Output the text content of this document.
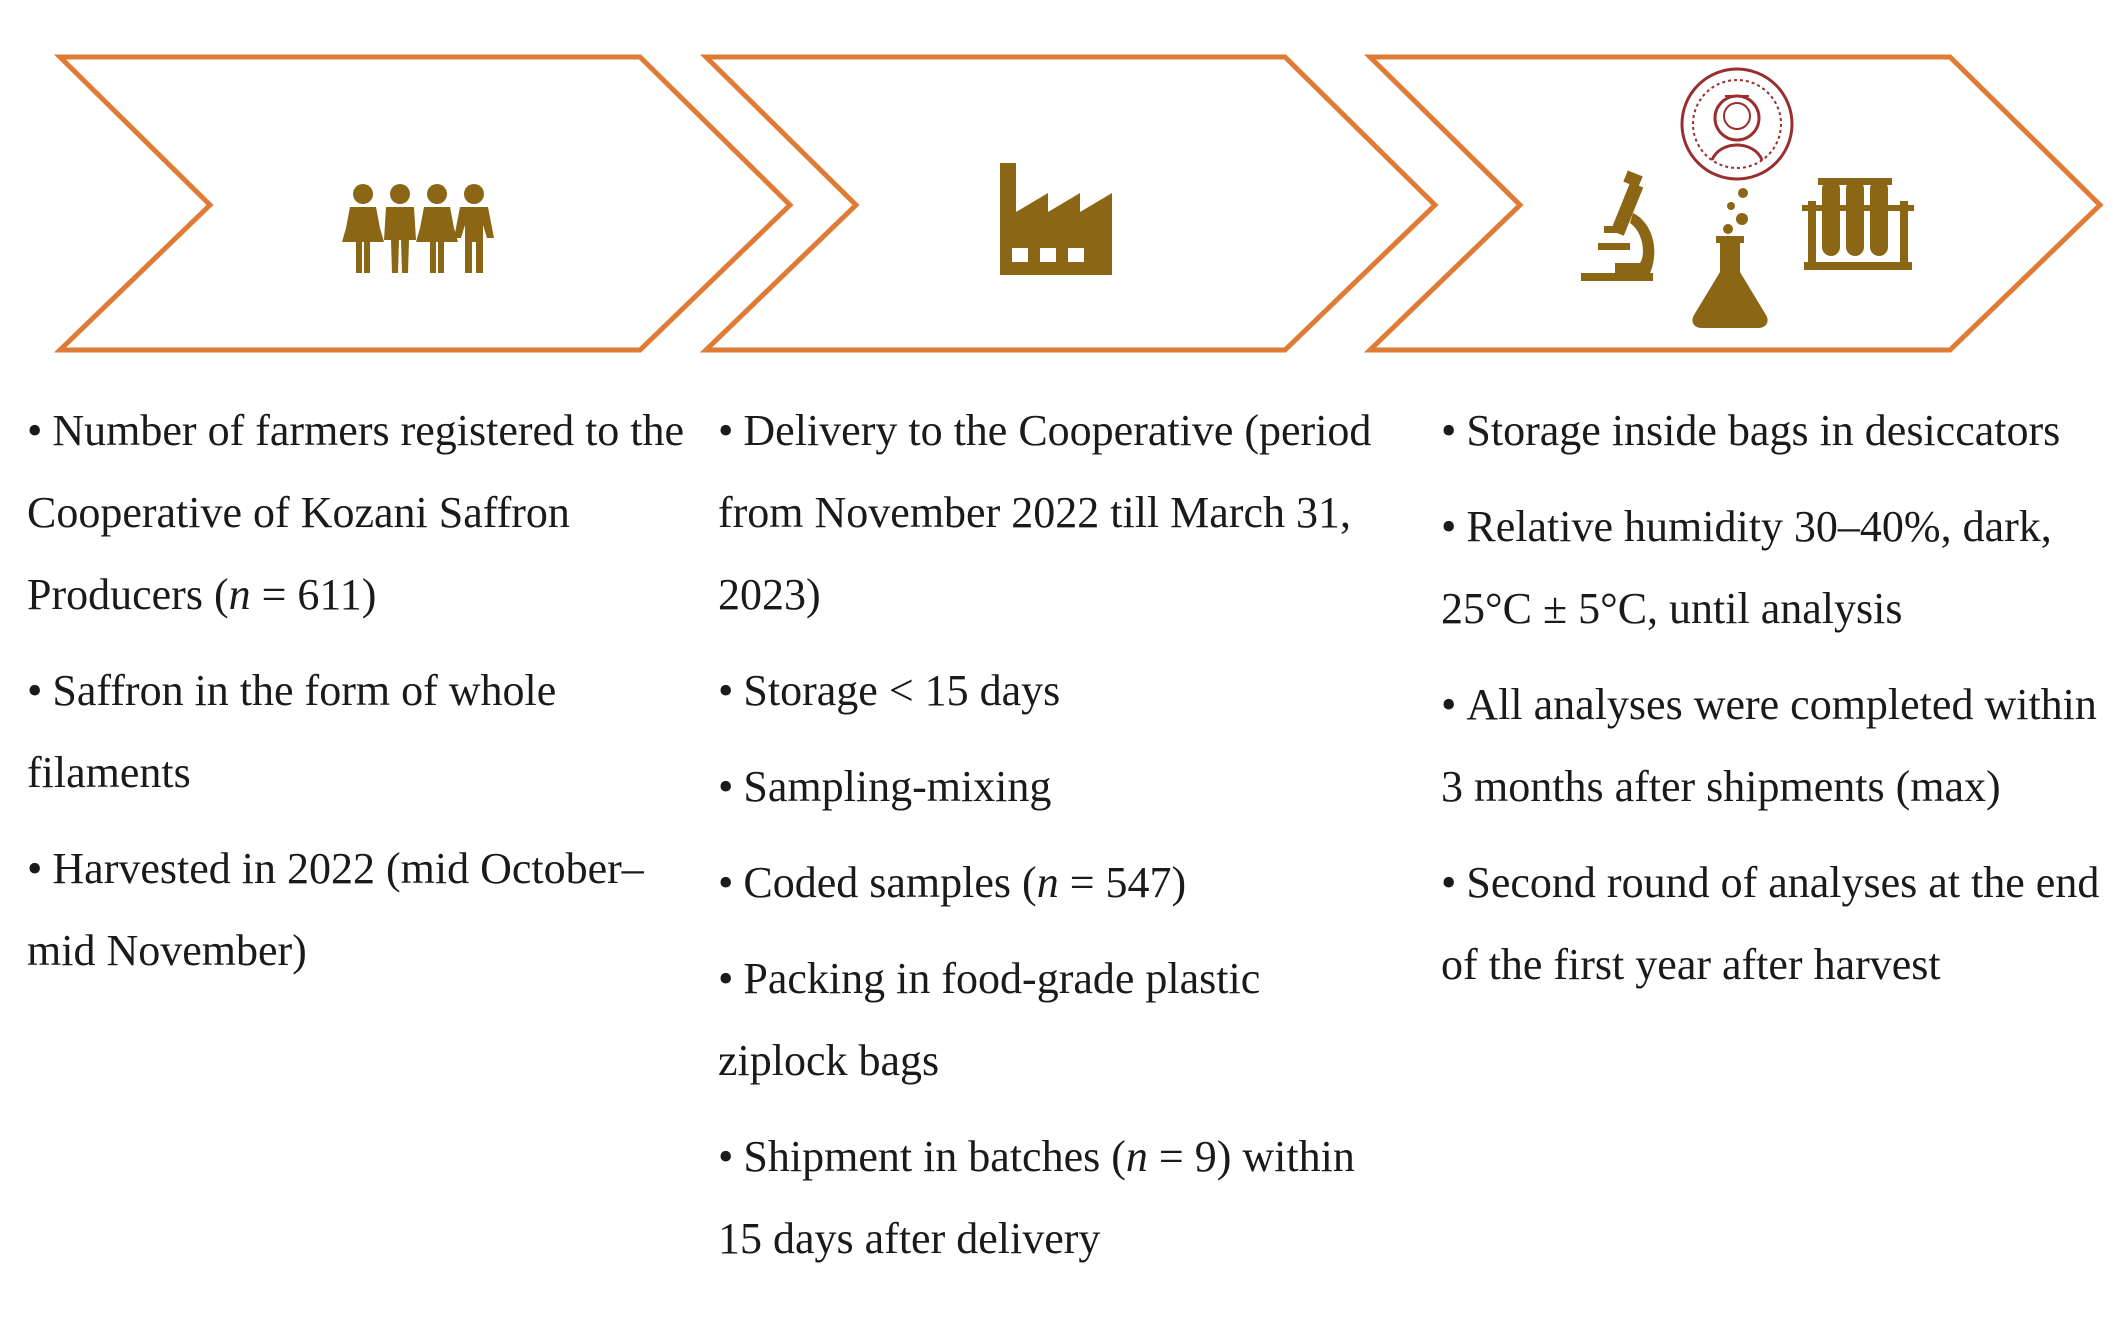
• Number of farmers registered to the Cooperative of Kozani Saffron Producers (n = 611)

• Saffron in the form of whole filaments

• Harvested in 2022 (mid October–mid November)

• Delivery to the Cooperative (period from November 2022 till March 31, 2023)

• Storage < 15 days

• Sampling-mixing

• Coded samples (n = 547)

• Packing in food-grade plastic ziplock bags

• Shipment in batches (n = 9) within 15 days after delivery

• Storage inside bags in desiccators

• Relative humidity 30–40%, dark, 25°C ± 5°C, until analysis

• All analyses were completed within 3 months after shipments (max)

• Second round of analyses at the end of the first year after harvest
